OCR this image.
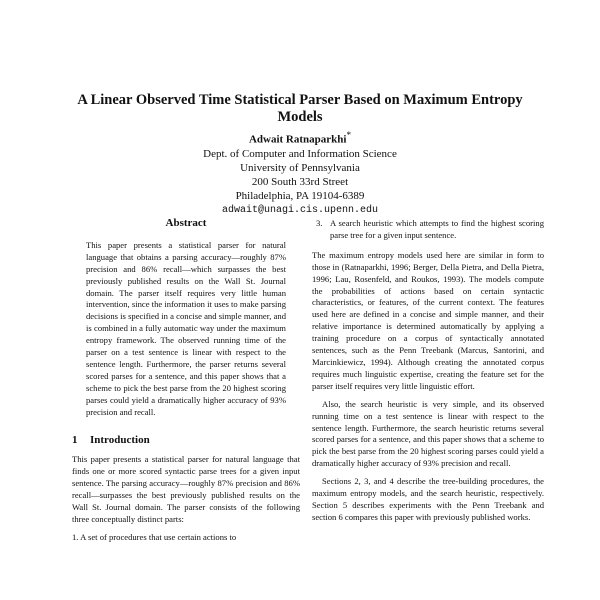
A Linear Observed Time Statistical Parser Based on Maximum Entropy Models
Adwait Ratnaparkhi*
Dept. of Computer and Information Science
University of Pennsylvania
200 South 33rd Street
Philadelphia, PA 19104-6389
adwait@unagi.cis.upenn.edu
Abstract

This paper presents a statistical parser for natural language that obtains a parsing accuracy—roughly 87% precision and 86% recall—which surpasses the best previously published results on the Wall St. Journal domain. The parser itself requires very little human intervention, since the information it uses to make parsing decisions is specified in a concise and simple manner, and is combined in a fully automatic way under the maximum entropy framework. The observed running time of the parser on a test sentence is linear with respect to the sentence length. Furthermore, the parser returns several scored parses for a sentence, and this paper shows that a scheme to pick the best parse from the 20 highest scoring parses could yield a dramatically higher accuracy of 93% precision and recall.

1 Introduction

This paper presents a statistical parser for natural language that finds one or more scored syntactic parse trees for a given input sentence. The parsing accuracy—roughly 87% precision and 86% recall—surpasses the best previously published results on the Wall St. Journal domain. The parser consists of the following three conceptually distinct parts:

1. A set of procedures that use certain actions to

3. A search heuristic which attempts to find the highest scoring parse tree for a given input sentence.

The maximum entropy models used here are similar in form to those in (Ratnaparkhi, 1996; Berger, Della Pietra, and Della Pietra, 1996; Lau, Rosenfeld, and Roukos, 1993). The models compute the probabilities of actions based on certain syntactic characteristics, or features, of the current context. The features used here are defined in a concise and simple manner, and their relative importance is determined automatically by applying a training procedure on a corpus of syntactically annotated sentences, such as the Penn Treebank (Marcus, Santorini, and Marcinkiewicz, 1994). Although creating the annotated corpus requires much linguistic expertise, creating the feature set for the parser itself requires very little linguistic effort.

Also, the search heuristic is very simple, and its observed running time on a test sentence is linear with respect to the sentence length. Furthermore, the search heuristic returns several scored parses for a sentence, and this paper shows that a scheme to pick the best parse from the 20 highest scoring parses could yield a dramatically higher accuracy of 93% precision and recall.

Sections 2, 3, and 4 describe the tree-building procedures, the maximum entropy models, and the search heuristic, respectively. Section 5 describes experiments with the Penn Treebank and section 6 compares this paper with previously published works.
